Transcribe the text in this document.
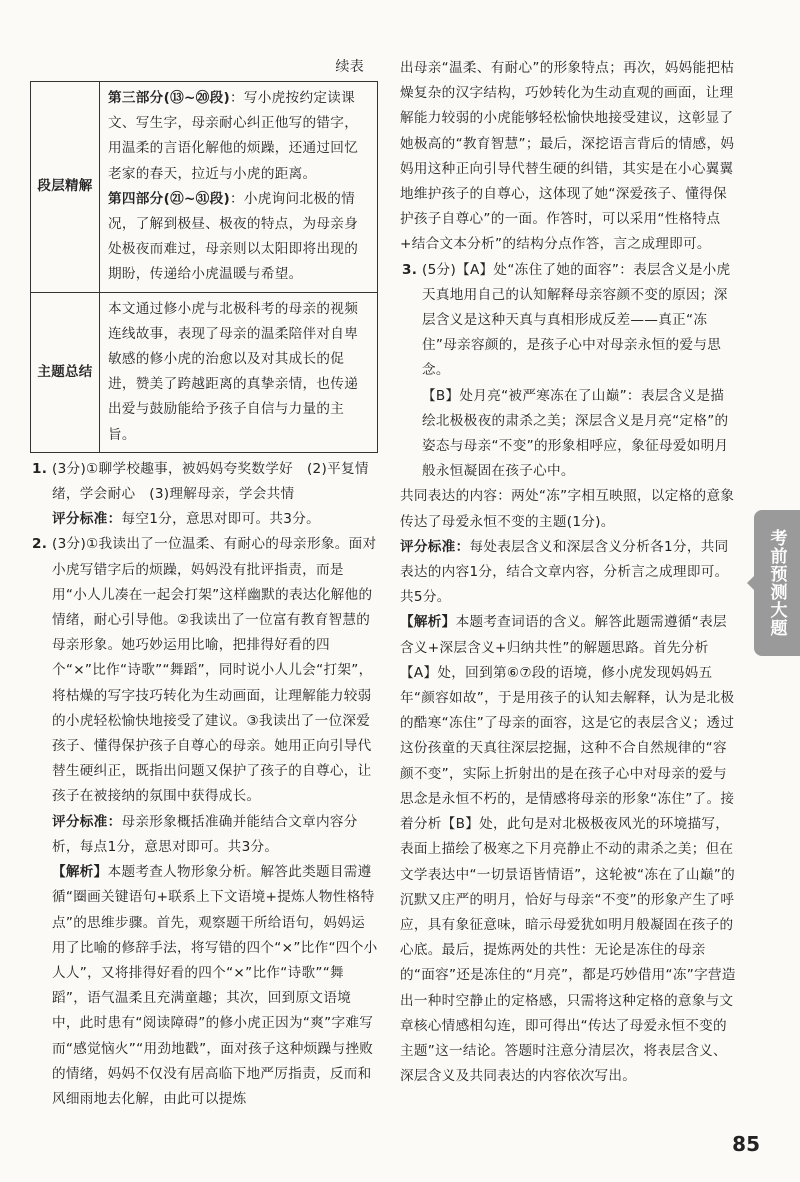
续表
段层精解	第三部分(⑬~⑳段)：写小虎按约定读课文、写生字，母亲耐心纠正他写的错字，用温柔的言语化解他的烦躁，还通过回忆老家的春天，拉近与小虎的距离。

第四部分(㉑~㉛段)：小虎询问北极的情况，了解到极昼、极夜的特点，为母亲身处极夜而难过，母亲则以太阳即将出现的期盼，传递给小虎温暖与希望。

主题总结	本文通过修小虎与北极科考的母亲的视频连线故事，表现了母亲的温柔陪伴对自卑敏感的修小虎的治愈以及对其成长的促进，赞美了跨越距离的真挚亲情，也传递出爱与鼓励能给予孩子自信与力量的主旨。

1. (3分)①聊学校趣事，被妈妈夸奖数学好　(2)平复情绪，学会耐心　(3)理解母亲，学会共情

评分标准：每空1分，意思对即可。共3分。

2. (3分)①我读出了一位温柔、有耐心的母亲形象。面对小虎写错字后的烦躁，妈妈没有批评指责，而是用“小人儿凑在一起会打架”这样幽默的表达化解他的情绪，耐心引导他。②我读出了一位富有教育智慧的母亲形象。她巧妙运用比喻，把排得好看的四个“×”比作“诗歌”“舞蹈”，同时说小人儿会“打架”，将枯燥的写字技巧转化为生动画面，让理解能力较弱的小虎轻松愉快地接受了建议。③我读出了一位深爱孩子、懂得保护孩子自尊心的母亲。她用正向引导代替生硬纠正，既指出问题又保护了孩子的自尊心，让孩子在被接纳的氛围中获得成长。

评分标准：母亲形象概括准确并能结合文章内容分析，每点1分，意思对即可。共3分。

【解析】本题考查人物形象分析。解答此类题目需遵循“圈画关键语句+联系上下文语境+提炼人物性格特点”的思维步骤。首先，观察题干所给语句，妈妈运用了比喻的修辞手法，将写错的四个“×”比作“四个小人人”，又将排得好看的四个“×”比作“诗歌”“舞蹈”，语气温柔且充满童趣；其次，回到原文语境中，此时患有“阅读障碍”的修小虎正因为“爽”字难写而“感觉恼火”“用劲地戳”，面对孩子这种烦躁与挫败的情绪，妈妈不仅没有居高临下地严厉指责，反而和风细雨地去化解，由此可以提炼

出母亲“温柔、有耐心”的形象特点；再次，妈妈能把枯燥复杂的汉字结构，巧妙转化为生动直观的画面，让理解能力较弱的小虎能够轻松愉快地接受建议，这彰显了她极高的“教育智慧”；最后，深挖语言背后的情感，妈妈用这种正向引导代替生硬的纠错，其实是在小心翼翼地维护孩子的自尊心，这体现了她“深爱孩子、懂得保护孩子自尊心”的一面。作答时，可以采用“性格特点+结合文本分析”的结构分点作答，言之成理即可。

3. (5分)【A】处“冻住了她的面容”：表层含义是小虎天真地用自己的认知解释母亲容颜不变的原因；深层含义是这种天真与真相形成反差——真正“冻住”母亲容颜的，是孩子心中对母亲永恒的爱与思念。

【B】处月亮“被严寒冻在了山巅”：表层含义是描绘北极极夜的肃杀之美；深层含义是月亮“定格”的姿态与母亲“不变”的形象相呼应，象征母爱如明月般永恒凝固在孩子心中。

共同表达的内容：两处“冻”字相互映照，以定格的意象传达了母爱永恒不变的主题(1分)。

评分标准：每处表层含义和深层含义分析各1分，共同表达的内容1分，结合文章内容，分析言之成理即可。共5分。

【解析】本题考查词语的含义。解答此题需遵循“表层含义+深层含义+归纳共性”的解题思路。首先分析【A】处，回到第⑥⑦段的语境，修小虎发现妈妈五年“颜容如故”，于是用孩子的认知去解释，认为是北极的酷寒“冻住”了母亲的面容，这是它的表层含义；透过这份孩童的天真往深层挖掘，这种不合自然规律的“容颜不变”，实际上折射出的是在孩子心中对母亲的爱与思念是永恒不朽的，是情感将母亲的形象“冻住”了。接着分析【B】处，此句是对北极极夜风光的环境描写，表面上描绘了极寒之下月亮静止不动的肃杀之美；但在文学表达中“一切景语皆情语”，这轮被“冻在了山巅”的沉默又庄严的明月，恰好与母亲“不变”的形象产生了呼应，具有象征意味，暗示母爱犹如明月般凝固在孩子的心底。最后，提炼两处的共性：无论是冻住的母亲的“面容”还是冻住的“月亮”，都是巧妙借用“冻”字营造出一种时空静止的定格感，只需将这种定格的意象与文章核心情感相勾连，即可得出“传达了母爱永恒不变的主题”这一结论。答题时注意分清层次，将表层含义、深层含义及共同表达的内容依次写出。

考前预测大题
85
